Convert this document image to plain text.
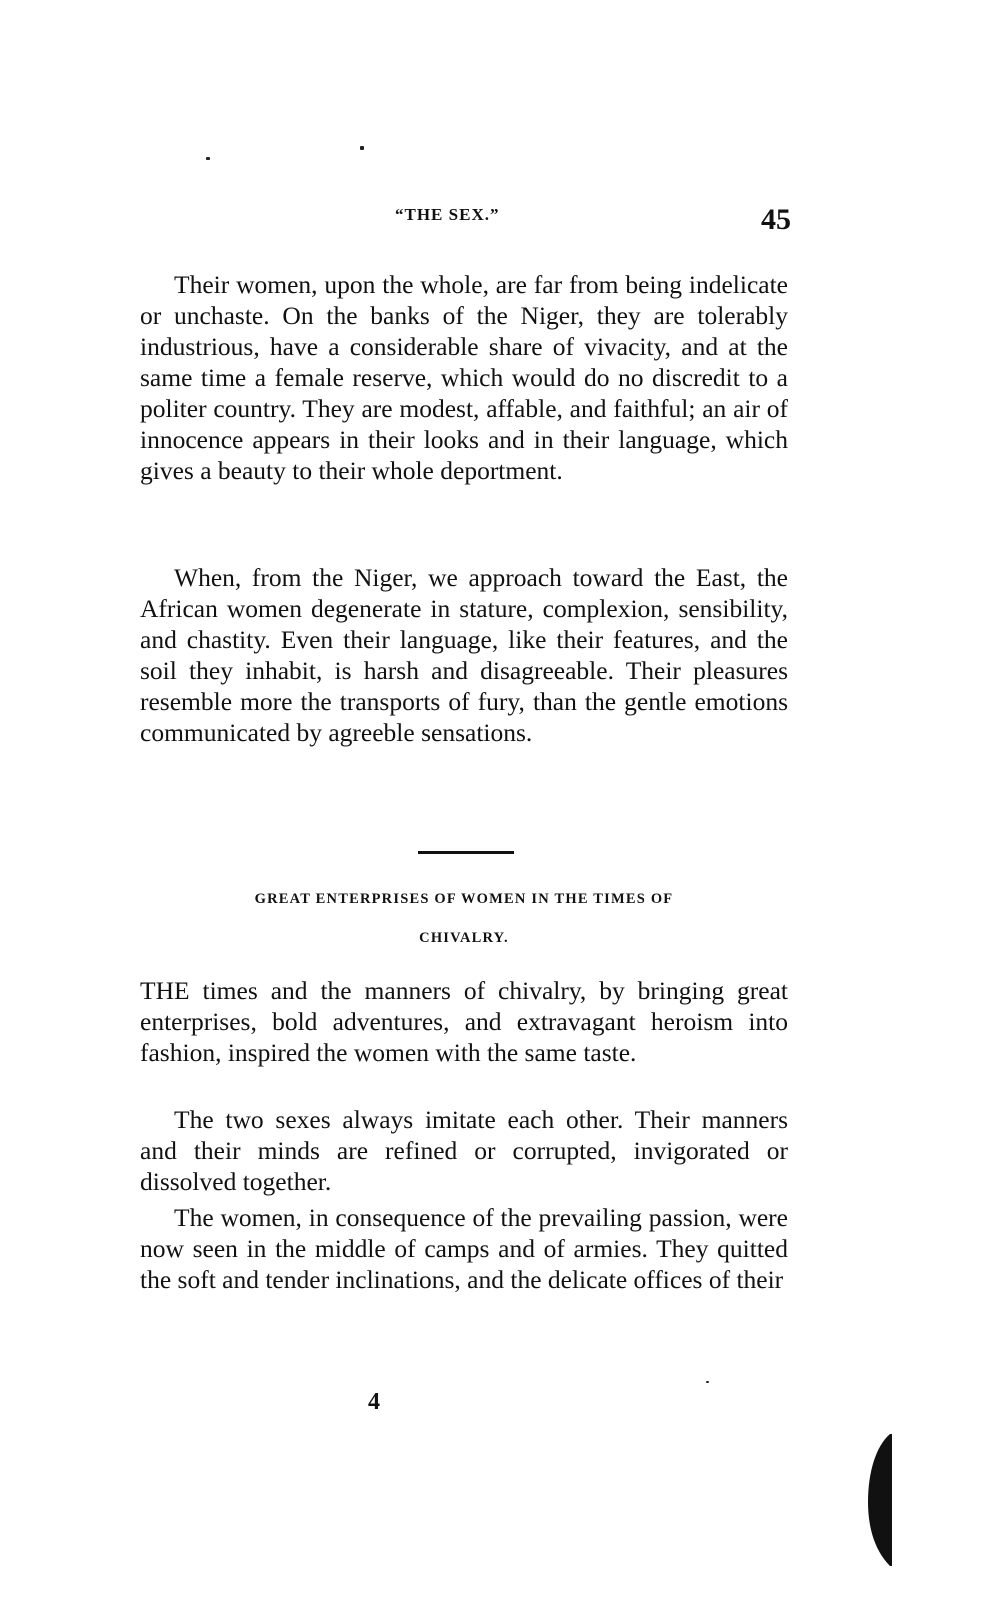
“THE SEX.”	45

Their women, upon the whole, are far from being indelicate or unchaste. On the banks of the Niger, they are tolerably industrious, have a considerable share of vivacity, and at the same time a female reserve, which would do no discredit to a politer country. They are modest, affable, and faithful; an air of innocence appears in their looks and in their language, which gives a beauty to their whole deportment.

When, from the Niger, we approach toward the East, the African women degenerate in stature, complexion, sensibility, and chastity. Even their language, like their features, and the soil they inhabit, is harsh and disagreeable. Their pleasures resemble more the transports of fury, than the gentle emotions communicated by agreeble sensations.

GREAT ENTERPRISES OF WOMEN IN THE TIMES OF

CHIVALRY.

THE times and the manners of chivalry, by bringing great enterprises, bold adventures, and extravagant heroism into fashion, inspired the women with the same taste.

The two sexes always imitate each other. Their manners and their minds are refined or corrupted, invigorated or dissolved together.

The women, in consequence of the prevailing passion, were now seen in the middle of camps and of armies. They quitted the soft and tender inclinations, and the delicate offices of their

4
